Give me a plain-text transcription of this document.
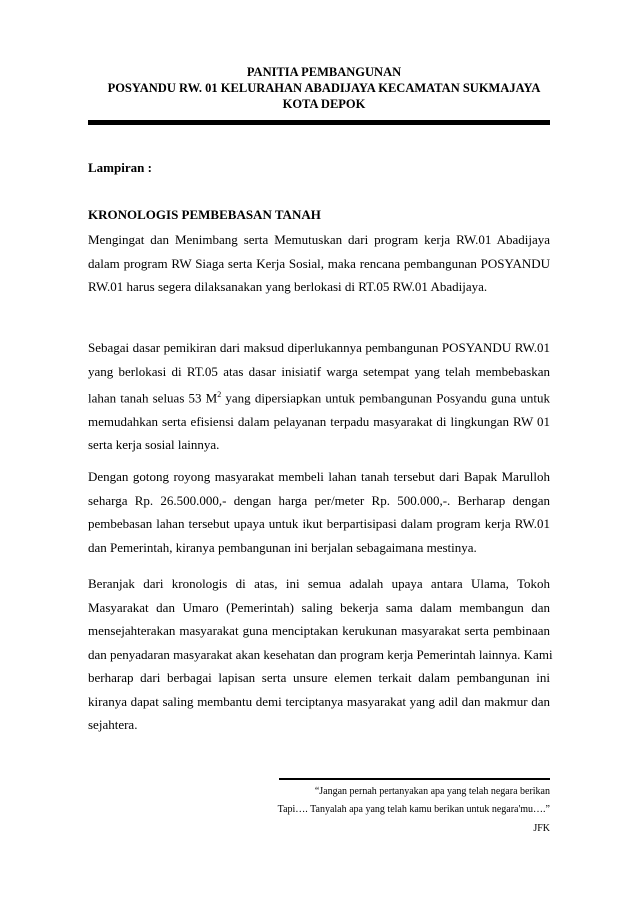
PANITIA PEMBANGUNAN
POSYANDU RW. 01 KELURAHAN ABADIJAYA KECAMATAN SUKMAJAYA
KOTA DEPOK
Lampiran :
KRONOLOGIS PEMBEBASAN TANAH
Mengingat dan Menimbang serta Memutuskan dari program kerja RW.01 Abadijaya
dalam program RW Siaga serta Kerja Sosial, maka rencana pembangunan POSYANDU
RW.01 harus segera dilaksanakan yang berlokasi di RT.05 RW.01 Abadijaya.
Sebagai dasar pemikiran dari maksud diperlukannya pembangunan POSYANDU RW.01
yang berlokasi di RT.05 atas dasar inisiatif warga setempat yang telah membebaskan
lahan tanah seluas 53 $M^2$ yang dipersiapkan untuk pembangunan Posyandu guna untuk
memudahkan serta efisiensi dalam pelayanan terpadu masyarakat di lingkungan RW 01
serta kerja sosial lainnya.
Dengan gotong royong masyarakat membeli lahan tanah tersebut dari Bapak Marulloh
seharga Rp. 26.500.000,- dengan harga per/meter Rp. 500.000,-. Berharap dengan
pembebasan lahan tersebut upaya untuk ikut berpartisipasi dalam program kerja RW.01
dan Pemerintah, kiranya pembangunan ini berjalan sebagaimana mestinya.
Beranjak dari kronologis di atas, ini semua adalah upaya antara Ulama, Tokoh
Masyarakat dan Umaro (Pemerintah) saling bekerja sama dalam membangun dan
mensejahterakan masyarakat guna menciptakan kerukunan masyarakat serta pembinaan
dan penyadaran masyarakat akan kesehatan dan program kerja Pemerintah lainnya. Kami
berharap dari berbagai lapisan serta unsure elemen terkait dalam pembangunan ini
kiranya dapat saling membantu demi terciptanya masyarakat yang adil dan makmur dan
sejahtera.
“Jangan pernah pertanyakan apa yang telah negara berikan
Tapi…. Tanyalah apa yang telah kamu berikan untuk negara'mu….”
JFK
